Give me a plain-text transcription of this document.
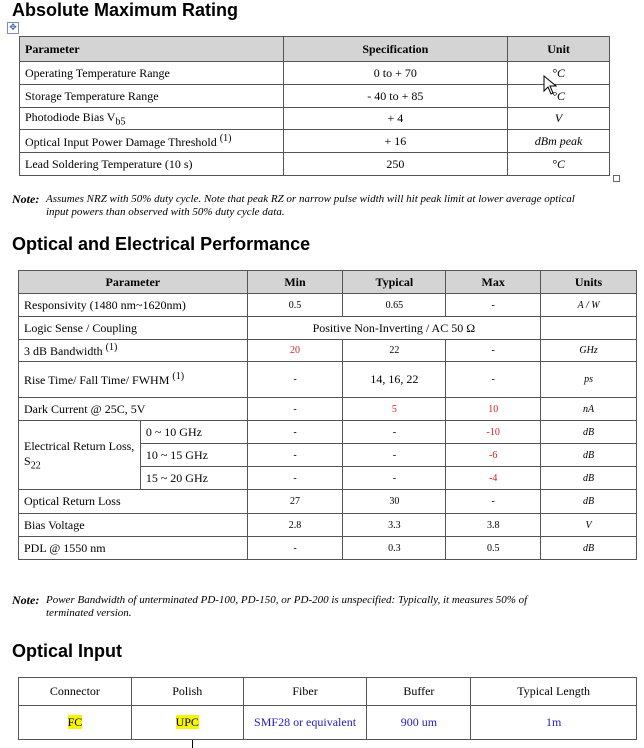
Absolute Maximum Rating
✥
Parameter	Specification	Unit
Operating Temperature Range	0 to + 70	°C
Storage Temperature Range	- 40 to + 85	°C
Photodiode Bias $V_{b5}$	+ 4	V
Optical Input Power Damage Threshold $^{(1)}$	+ 16	dBm peak
Lead Soldering Temperature (10 s)	250	°C
Note: Assumes NRZ with 50% duty cycle. Note that peak RZ or narrow pulse width will hit peak limit at lower average optical input powers than observed with 50% duty cycle data.
Optical and Electrical Performance
Parameter		Min	Typical	Max	Units
Responsivity (1480 nm~1620nm)		0.5	0.65	-	A / W
Logic Sense / Coupling		Positive Non-Inverting / AC 50 Ω			
3 dB Bandwidth $^{(1)}$		20	22	-	GHz
Rise Time/ Fall Time/ FWHM $^{(1)}$		-	14, 16, 22	-	ps
Dark Current @ 25C, 5V		-	5	10	nA
Electrical Return Loss, $S_{22}$	0 ~ 10 GHz	-	-	-10	dB
	10 ~ 15 GHz	-	-	-6	dB
	15 ~ 20 GHz	-	-	-4	dB
Optical Return Loss		27	30	-	dB
Bias Voltage		2.8	3.3	3.8	V
PDL @ 1550 nm		-	0.3	0.5	dB
Note: Power Bandwidth of unterminated PD-100, PD-150, or PD-200 is unspecified: Typically, it measures 50% of terminated version.
Optical Input
Connector	Polish	Fiber	Buffer	Typical Length
FC	UPC	SMF28 or equivalent	900 um	1m
